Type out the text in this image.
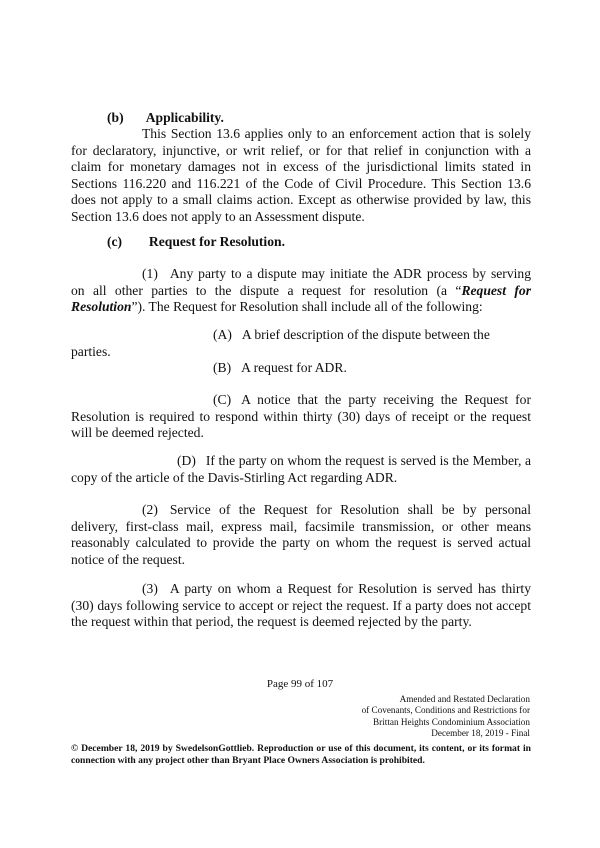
(b) Applicability.
This Section 13.6 applies only to an enforcement action that is solely for declaratory, injunctive, or writ relief, or for that relief in conjunction with a claim for monetary damages not in excess of the jurisdictional limits stated in Sections 116.220 and 116.221 of the Code of Civil Procedure. This Section 13.6 does not apply to a small claims action. Except as otherwise provided by law, this Section 13.6 does not apply to an Assessment dispute.
(c) Request for Resolution.
(1) Any party to a dispute may initiate the ADR process by serving on all other parties to the dispute a request for resolution (a “Request for Resolution”). The Request for Resolution shall include all of the following:
(A) A brief description of the dispute between the parties.
(B) A request for ADR.
(C) A notice that the party receiving the Request for Resolution is required to respond within thirty (30) days of receipt or the request will be deemed rejected.
(D) If the party on whom the request is served is the Member, a copy of the article of the Davis-Stirling Act regarding ADR.
(2) Service of the Request for Resolution shall be by personal delivery, first-class mail, express mail, facsimile transmission, or other means reasonably calculated to provide the party on whom the request is served actual notice of the request.
(3) A party on whom a Request for Resolution is served has thirty (30) days following service to accept or reject the request. If a party does not accept the request within that period, the request is deemed rejected by the party.
Page 99 of 107
Amended and Restated Declaration
of Covenants, Conditions and Restrictions for
Brittan Heights Condominium Association
December 18, 2019 - Final
© December 18, 2019 by SwedelsonGottlieb. Reproduction or use of this document, its content, or its format in connection with any project other than Bryant Place Owners Association is prohibited.
